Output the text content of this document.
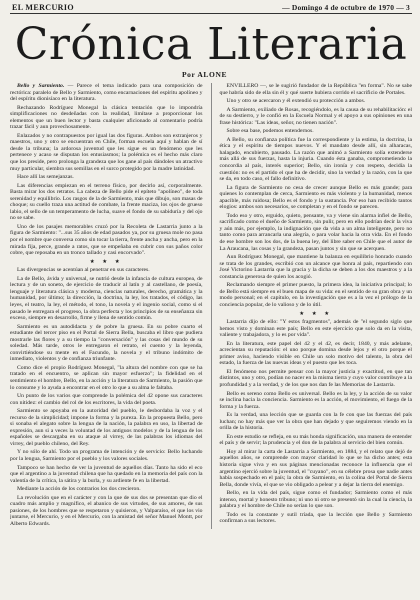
EL MERCURIO	— Domingo 4 de octubre de 1970 — 3
Crónica Literaria
Por ALONE

Bello y Sarmiento. — Parece el tema indicado para una composición de rectórica: paralelo de Bello y Sarmiento, como encarnaciones del espíritu apolíneo y del espíritu dionisíaco en la literatura.

Rechazando Rodríguez Monegal la clásica tentación que lo impondría simplificaciones no desdeñadas con la realidad, limítase a proporcionar los elementos que un buen lector y basta cualquier aficionado al comentario podría trazar fácil y aun provechosamente.

Enlazados y no contrapuestos por igual las dos figuras. Ambos son extranjeros y maestros, uno y otro se encuentran en Chile, forman escuela aquí y hablan de sí desde la tribuna; la ardorosa juventud que les sigue es un fenómeno que les pertenece y acaso se disputan los entusiasmos; la polémica es el hecho más claro que los preside, pero prolonga la grandeza que los gane al país dándoles un atractivo muy particular, siembra sus semillas en el surco protegido por la madre latinidad.

Hace allí las semejanzas.

Las diferencias empiezan en el terreno físico, por decirlo así, corporalmente. Basta mirar los dos retratos. La cabeza de Bello pide el epíteto "apolíneo", de toda serenidad y equilibrio. Los rasgos de la de Sarmiento, más que dibujo, son masas de choque; su cuello traza una actitud de combate, la frente maciza, los ojos de grueso labio, el sello de un temperamento de lucha, suave el fondo de su sabiduría y del ojo no se sabe.

Uno de los pasajes memorables cruzó por la Recoleta de Lastarria junto a la figura de Sarmiento: "...sus 35 años de edad pasados ya, por su gruesa mole no pasa por el nombre que conversa como sin tocar la tierra, frente ancha y ancha, pero en la mirada fija, perce, grande a ratos, que se empeñaba en cubrir con sus paños color cobre, que reposaba en un tronco tallado y casi encorvado".

★ ★ ★

Las divergencias se acentúan al penetrar en sus caracteres.

La de Bello, ávida y universal, se nutrió desde la infancia de cultura europea, de lectura y de un soneto, de ejercicio de traducir al latín y al castellano, de poesía, lenguaje y literatura clásica y moderna, ciencias naturales, derecho, gramática y la humanidad, por último; la dirección, la doctrina, la ley, los tratados, el código, las leyes, el teatro, la ley, el método, el tono, la novela y el ingenio social, como si el pasado le entregara el progreso, la obra perfecta y los principios de su enseñanza sin exceso, siempre en desarrollo, firme y llena de sentido común.

Sarmiento es un autodidacta y de pobre la gruesa. En su pobre cuarto el estudiante del tercer piso en el Portal de Sierra Bella, buscaba el libro que pudiera mostrarle las flores y a su tiempo la "conversación" y las cosas del mundo de su soledad. Más tarde, otros le entregaron el retrato, el cuento y la leyenda, convirtiéndose su mente en el Facundo, la novela y el tribuno indómito de inmediato, violentos y de confianza triunfante.

Como dice el propio Rodríguez Monegal, "la altura del nombre con que se ha tratado en el encuentro, se aplican sin mayor esfuerzo"; la fidelidad en el sentimiento el hombre, Bello, en la acción y la literatura de Sarmiento, la pasión que lo consume y lo ayuda a encontrar en el otro lo que a su alma le faltaba.

Un punto de los varios que comprende la polémica del 42 opone sus caracteres con nitidez: el cambio del rol de los escritores, la vida del poeta.

Sarmiento se apoyaba en la autoridad del pueblo, le desbordaba la voz y el recurso de la simplicidad; impone la forma y la pureza. En la propuesta Bello, pero si sonaba el alegato sobre la lengua de la nación, la palabra en uso, la libertad de expresión, aun si a veces la voluntad de los antiguos modelos y de la lengua de los españoles se descargaba en su ataque al virrey, de las palabras los idiomas del virrey, del pueblo chileno, del Rey.

Y no sólo de ahí. Todo un programa de intención y de servicio: Bello luchando por la lengua, Sarmiento por el pueblo y los valores sociales.

Tampoco se han hecho de ver la juventud de aquellos días. Tanto ha sido el eco que el argentino a la juventud chilena que ha quedado en la memoria del país con la valentía de la crítica, la sátira y la burla, y su ardiente fe en la libertad.

Mediante la acción de los contrarios los dos crecieron.

La revolución que en el carácter y con la que de sus dos se presentan que dio el cuadro más amplio y magnífico, el abanico de sus virtudes, de sus amores, de sus pasiones, de los hombres que se respetaron y quisieron, y Valparaíso, el que los vio juntarse, el Mercurio, y en el Mercurio, con la amistad del señor Manuel Montt, por Alberto Edwards.

ENVILLERO —, se le sugirió fundador de la República "en forma". No se sabe que habría sido de ella sin él y qué suerte hubiera corrido el sacrificio de Portales.

Uno y otro se acercaron y él extendió su protección a ambos.

A Sarmiento, exiliado de Rosas, recogiéndolo, es la causa de su rehabilitación: el de su destierro, y le confió en la Escuela Normal y el apoyo a sus opiniones en una frase histórica: "Las ideas, señor, no tienen nación".

Sobre esa base, podemos entendernos.

A Bello, su confianza política fue la correspondiente y la estima, la doctrina, la ética y el espíritu de tiempos nuevos. Y el mandato desde allí, sin alharacas, halagado, encubierto, pausado. La razón que animó a Sarmiento solía extenderse más allá de sus fuerzas, hasta la injuria. Cuando ésta ganaba, comprometiendo la concordia al país, interés superior; Bello, sin ironía y con respeto, decidía la cuestión: no es el partido el que ha de decidir, sino la verdad y la razón, con la que se da, en todo caso, el fallo definitivo.

La figura de Sarmiento no cesa de crecer aunque Bello es más grande; para quienes lo contemplan de cerca, Sarmiento es más violento y la humanidad, menos apacible, más ruidosa; Bello es el fondo y la sustancia. Por eso han recibido tantos elogios: ambos son necesarios, se completan y en el fondo se parecen.

Todo eso y otro, erguido, quieto, pensante, va y viene sin alarma infiel de Bello, sacrificado como el dueño de Sarmiento, sin pulir, pero en ello podrían decir la viva y aún más, por ejemplo, la indignación que da vida a un alma inteligente, pero no tanto como para arrancarla una alegría, o para volar hacia la otra vida. En el fondo de ese hombre son los dos, de la buena ley, del libre saber en Chile que el autor de La Araucana, las cosas y la grandeza, pasan juntos y sin que se acerquen.

Aun Rodríguez Monegal, que mantiene la balanza en equilibrio honrado cuando se trata de los grandes, escribió con un alcance que honra al país, repartiendo con José Victorino Lastarria que la gracia y la dicha se deben a los dos maestros y a la constancia generosa de quien los acogió.

Reclamando siempre el primer puesto, la primera idea, la iniciativa principal; lo de Bello está siempre en el buen mapa de su vida: en el sentido de su gran obra y un modo personal; en el capítulo, en la investigación que es a la vez el prólogo de la conciencia popular, de lo valioso y de lo útil.

★ ★ ★

Lastarria dijo de ello: "Y estos fragmentos", además de "el segundo siglo que hemos visto y dominan este país; Bello en este ejercicio que solo da en la visita, valiente y trabajadora, y lo es por vida".

En la literatura, este papel del 42 y el 42, es decir, 1840, y más adelante, acrecientan su reputación: el uno porque domina desde lejos y el otro porque el primer aviso, haciendo visible en Chile un solo motivo del talento, la obra del estado, la fuerza de las nuevas ideas y el puesto que les toca.

El fenómeno nos permite pensar con la mayor justicia y exactitud, en que tan distintos, uno y otro, podían no nacer en la misma tierra y cuyo valor contribuye a la profundidad y a la verdad, y de los que nos dan fe las Memorias de Lastarria.

Bello es sereno como Bello es universal. Bello es la ley, y la acción de su valor se inclina hacia la conciencia. Sarmiento es la acción, el movimiento, el fuego de la forma y la fuerza.

Es la verdad, una lección que se guarda con la fe con que las fuerzas del país luchan; no hay más que ver la obra que han dejado y que seguiremos viendo en la orilla de la historia.

En este estudio se refleja, en su más honda significación, una manera de entender el país y de servir; la prudencia y el don de la palabra al servicio del bien común.

Hoy al mirar la carta de Lastarria a Sarmiento, en 1884, y el relato que dejó de aquellos años, se comprende con mayor claridad lo que se ha dicho antes; esta historia sigue viva y en sus páginas mencionadas reconoce la influencia que el argentino ejerció sobre la juventud, el "cuyano", en su célebre prosa que nadie antes había sospechado en el país; la obra de Sarmiento, en la colina del Portal de Sierra Bella, donde vivía, el que se vio obligado a pelear y a dejar la tierra del enemigo.

Bello, en la vida del país, sigue como el fundador; Sarmiento como el más intenso, mortal y honesto tribuno; ni uno ni otro se presentó sin la cual la ciencia, la palabra y el hombre de Chile no serían lo que son.

Todo es la constante y sutil tríada, que la lección que Bello y Sarmiento confirman a sus lectores.
